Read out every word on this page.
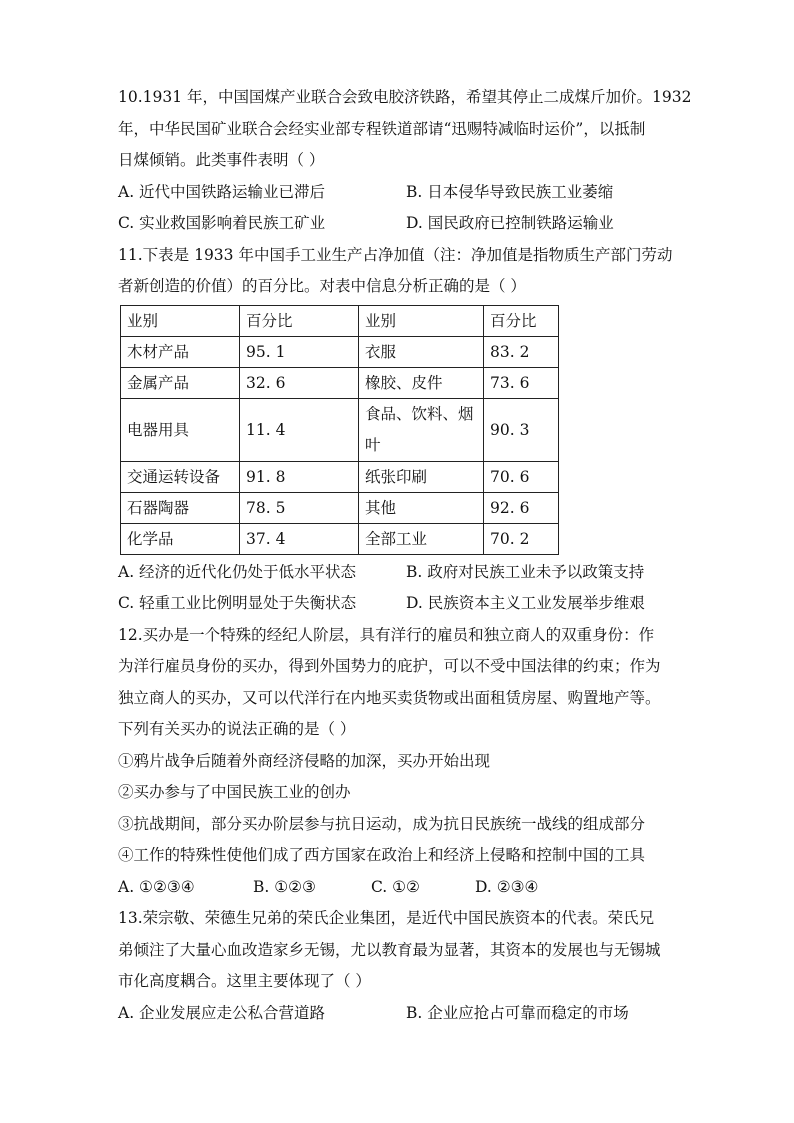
10.1931 年，中国国煤产业联合会致电胶济铁路，希望其停止二成煤斤加价。1932
年，中华民国矿业联合会经实业部专程铁道部请“迅赐特减临时运价”，以抵制
日煤倾销。此类事件表明（ ）
A. 近代中国铁路运输业已滞后	B. 日本侵华导致民族工业萎缩
C. 实业救国影响着民族工矿业	D. 国民政府已控制铁路运输业
11.下表是 1933 年中国手工业生产占净加值（注：净加值是指物质生产部门劳动
者新创造的价值）的百分比。对表中信息分析正确的是（ ）
业别	百分比	业别	百分比
木材产品	95. 1	衣服	83. 2
金属产品	32. 6	橡胶、皮件	73. 6
电器用具	11. 4	食品、饮料、烟叶	90. 3
交通运转设备	91. 8	纸张印刷	70. 6
石器陶器	78. 5	其他	92. 6
化学品	37. 4	全部工业	70. 2
A. 经济的近代化仍处于低水平状态	B. 政府对民族工业未予以政策支持
C. 轻重工业比例明显处于失衡状态	D. 民族资本主义工业发展举步维艰
12.买办是一个特殊的经纪人阶层，具有洋行的雇员和独立商人的双重身份：作
为洋行雇员身份的买办，得到外国势力的庇护，可以不受中国法律的约束；作为
独立商人的买办，又可以代洋行在内地买卖货物或出面租赁房屋、购置地产等。
下列有关买办的说法正确的是（ ）
①鸦片战争后随着外商经济侵略的加深，买办开始出现
②买办参与了中国民族工业的创办
③抗战期间，部分买办阶层参与抗日运动，成为抗日民族统一战线的组成部分
④工作的特殊性使他们成了西方国家在政治上和经济上侵略和控制中国的工具
A. ①②③④	B. ①②③	C. ①②	D. ②③④
13.荣宗敬、荣德生兄弟的荣氏企业集团，是近代中国民族资本的代表。荣氏兄
弟倾注了大量心血改造家乡无锡，尤以教育最为显著，其资本的发展也与无锡城
市化高度耦合。这里主要体现了（ ）
A. 企业发展应走公私合营道路	B. 企业应抢占可靠而稳定的市场
